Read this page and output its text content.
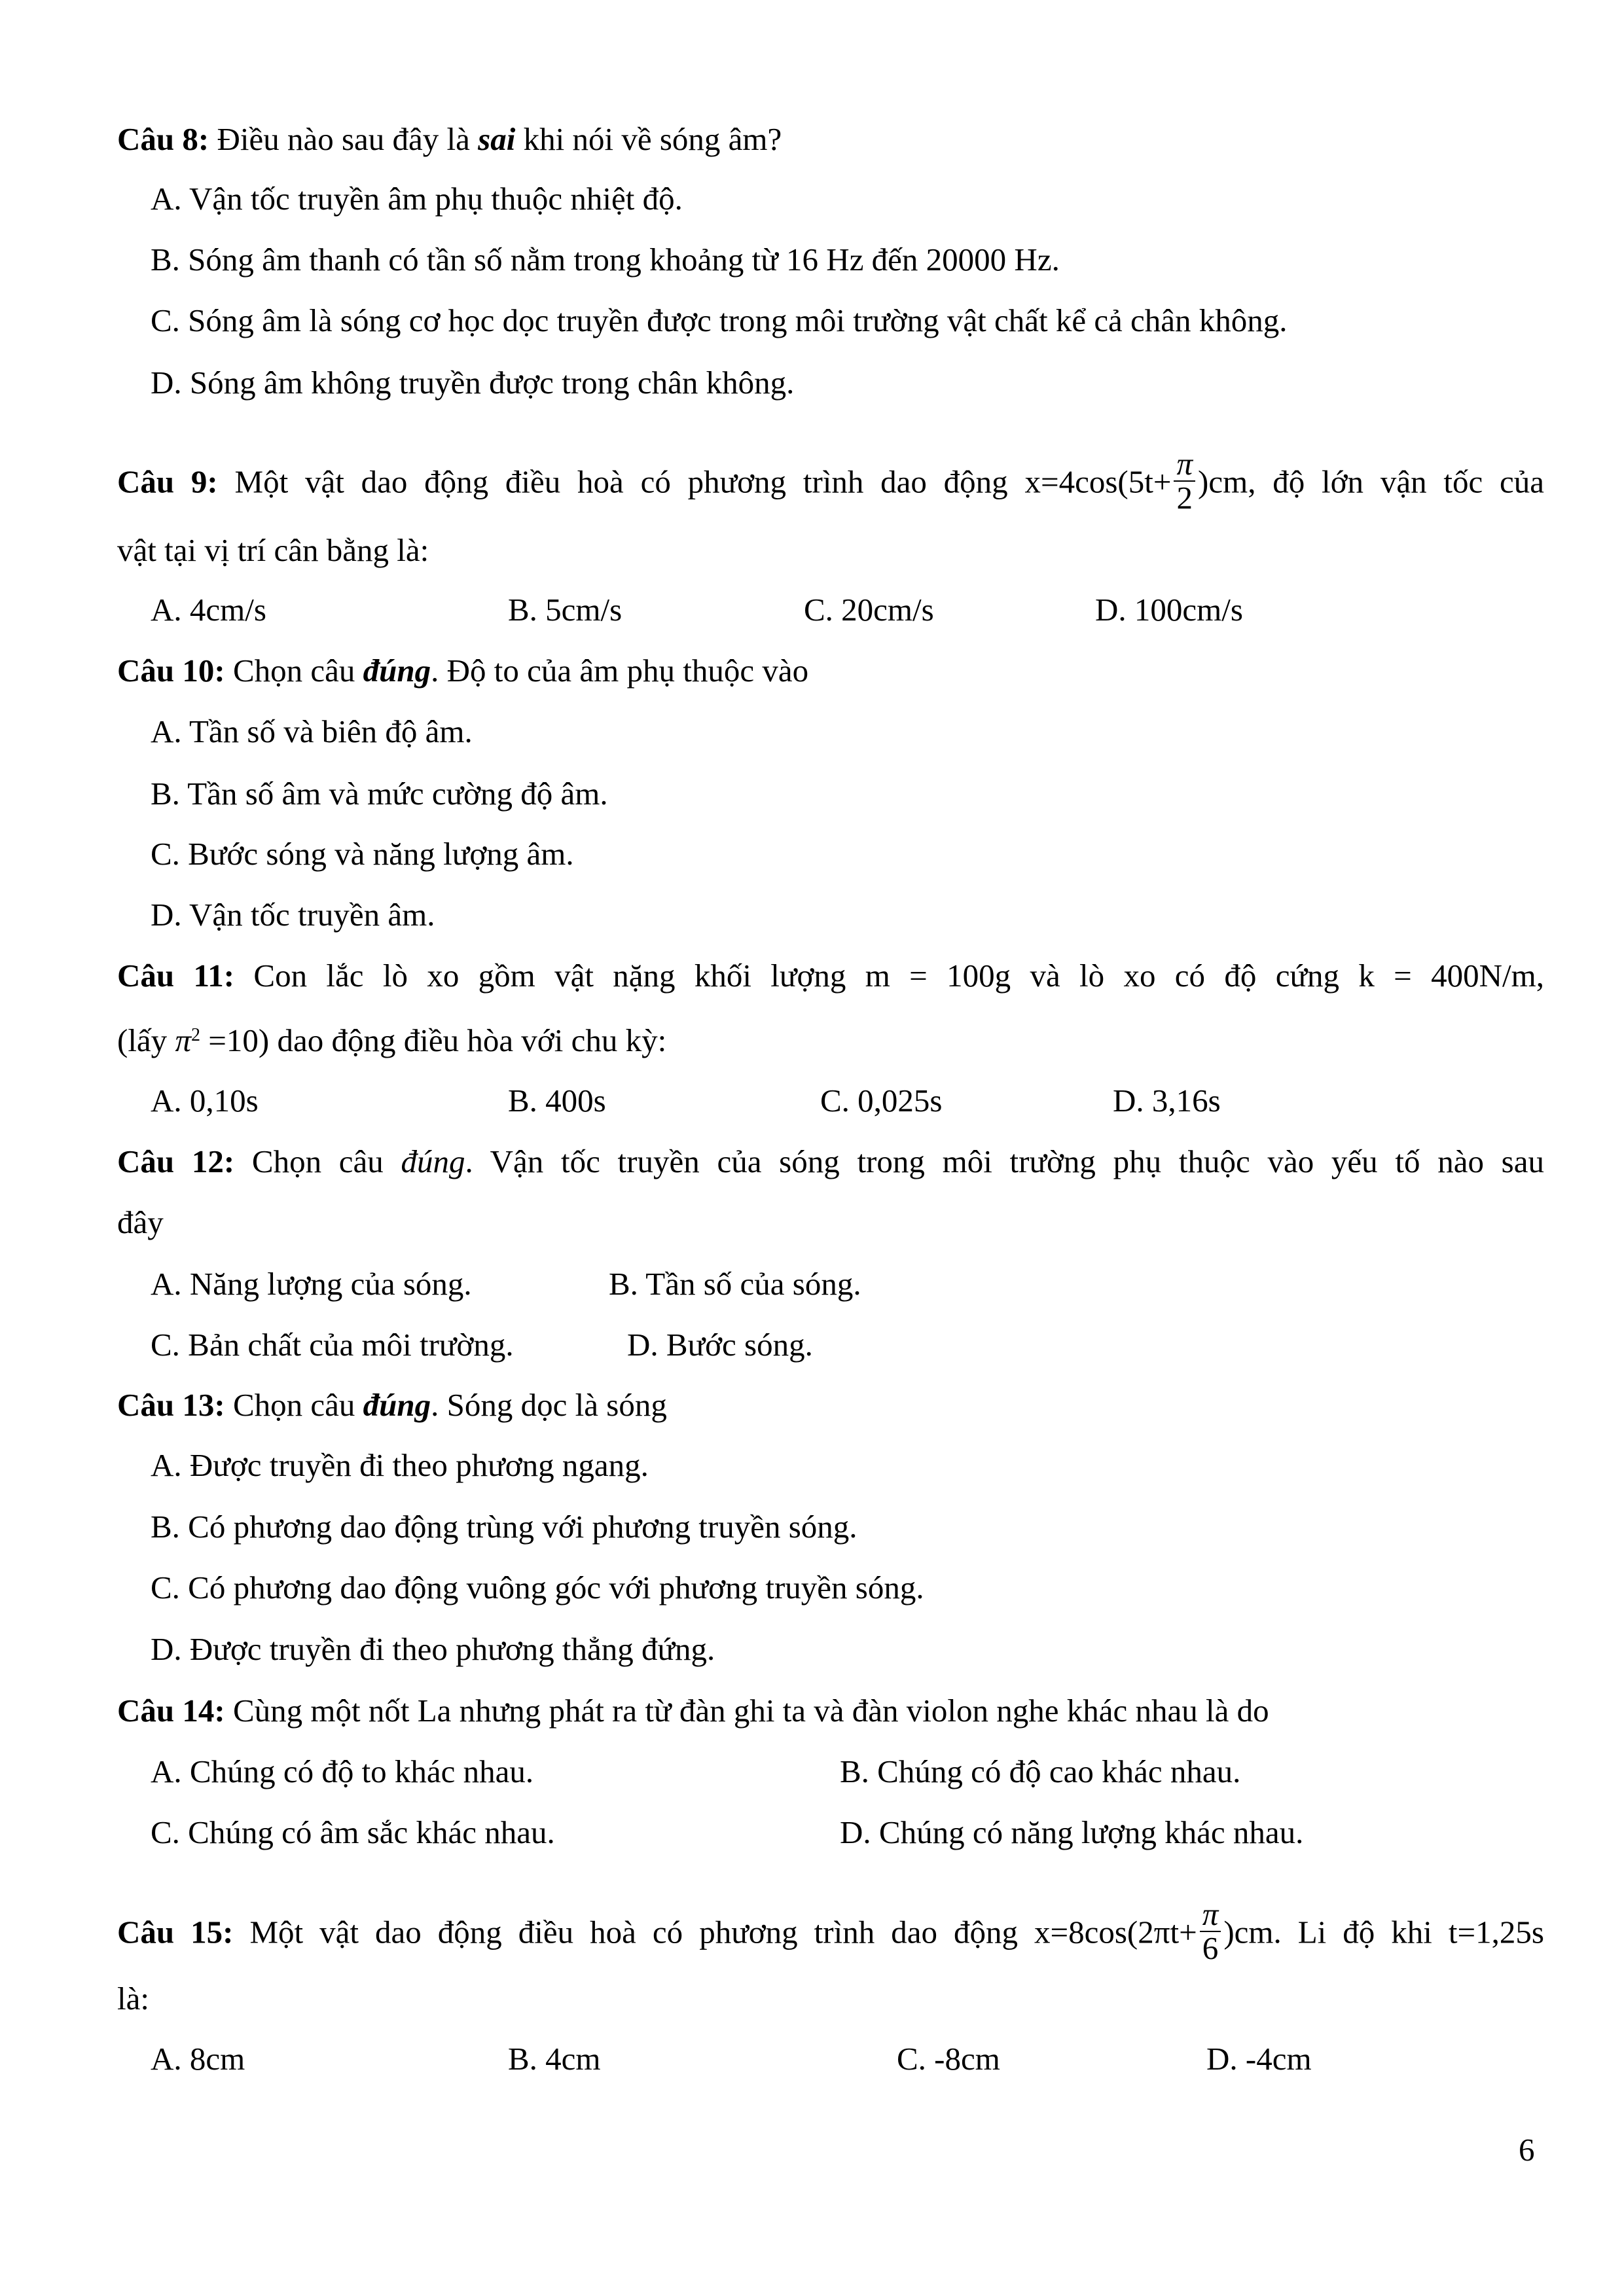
Câu 8: Điều nào sau đây là sai khi nói về sóng âm?
A. Vận tốc truyền âm phụ thuộc nhiệt độ.
B. Sóng âm thanh có tần số nằm trong khoảng từ 16 Hz đến 20000 Hz.
C. Sóng âm là sóng cơ học dọc truyền được trong môi trường vật chất kể cả chân không.
D. Sóng âm không truyền được trong chân không.
Câu 9: Một vật dao động điều hoà có phương trình dao động $x=4\cos(5t+ \frac{\pi}{2} )cm$, độ lớn vận tốc của
vật tại vị trí cân bằng là:
A. 4cm/s	B. 5cm/s	C. 20cm/s	D. 100cm/s
Câu 10: Chọn câu đúng. Độ to của âm phụ thuộc vào
A. Tần số và biên độ âm.
B. Tần số âm và mức cường độ âm.
C. Bước sóng và năng lượng âm.
D. Vận tốc truyền âm.
Câu 11: Con lắc lò xo gồm vật nặng khối lượng m = 100g và lò xo có độ cứng k = 400N/m,
(lấy $\pi^2 =10$) dao động điều hòa với chu kỳ:
A. 0,10s	B. 400s	C. 0,025s	D. 3,16s
Câu 12: Chọn câu đúng. Vận tốc truyền của sóng trong môi trường phụ thuộc vào yếu tố nào sau
đây
A. Năng lượng của sóng.	B. Tần số của sóng.
C. Bản chất của môi trường.	D. Bước sóng.
Câu 13: Chọn câu đúng. Sóng dọc là sóng
A. Được truyền đi theo phương ngang.
B. Có phương dao động trùng với phương truyền sóng.
C. Có phương dao động vuông góc với phương truyền sóng.
D. Được truyền đi theo phương thẳng đứng.
Câu 14: Cùng một nốt La nhưng phát ra từ đàn ghi ta và đàn violon nghe khác nhau là do
A. Chúng có độ to khác nhau.	B. Chúng có độ cao khác nhau.
C. Chúng có âm sắc khác nhau.	D. Chúng có năng lượng khác nhau.
Câu 15: Một vật dao động điều hoà có phương trình dao động $x=8\cos(2\pi t+ \frac{\pi}{6} )cm$. Li độ khi t=1,25s
là:
A. 8cm	B. 4cm	C. -8cm	D. -4cm
6
